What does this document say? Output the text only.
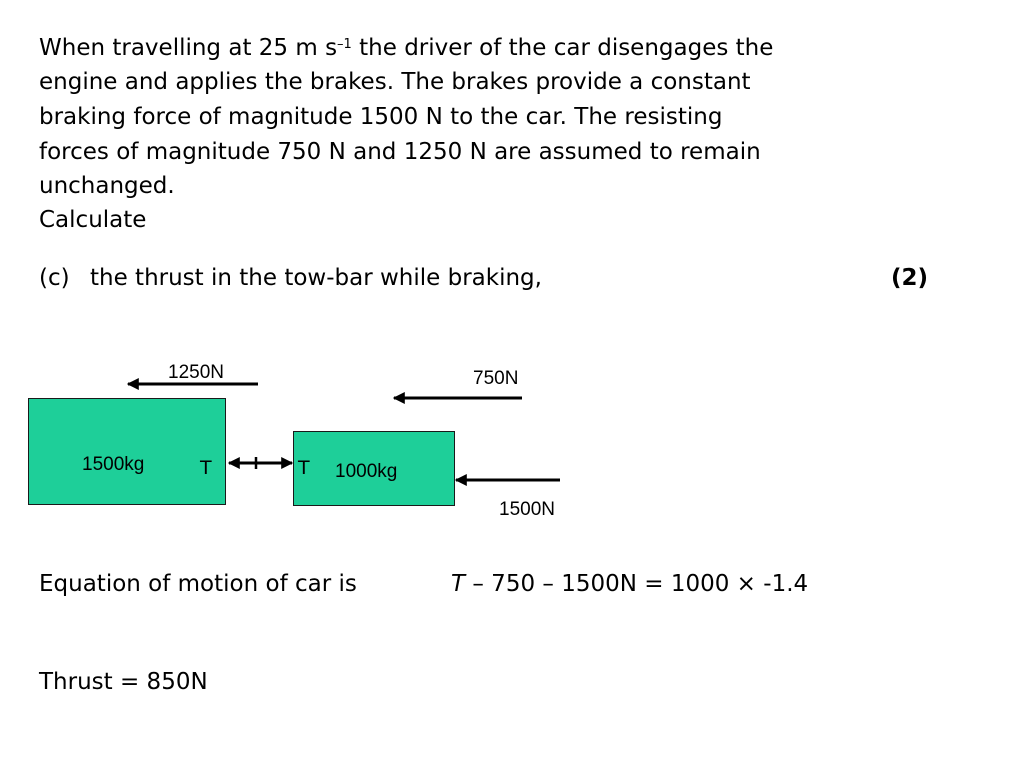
When travelling at 25 m $s^{-1}$ the driver of the car disengages the
engine and applies the brakes. The brakes provide a constant
braking force of magnitude 1500 N to the car. The resisting
forces of magnitude 750 N and 1250 N are assumed to remain
unchanged.
Calculate
(c) the thrust in the tow-bar while braking,	(2)
1250N	750N
1500N
1500kg	1000kg
T	T
Equation of motion of car is	T – 750 – 1500N = 1000 × -1.4
Thrust = 850N
